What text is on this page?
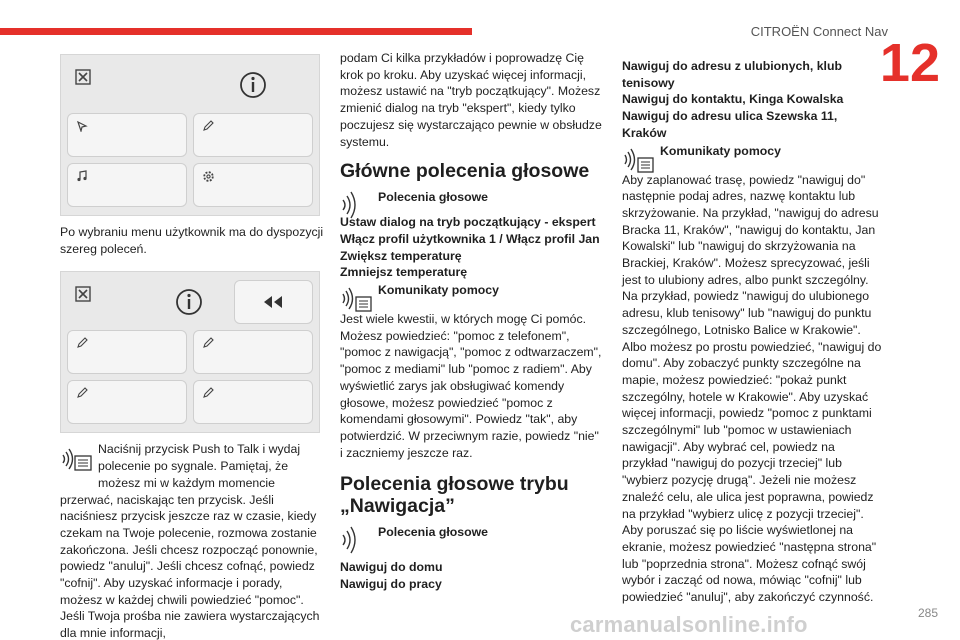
CITROËN Connect Nav
12

Po wybraniu menu użytkownik ma do dyspozycji szereg poleceń.

Naciśnij przycisk Push to Talk i wydaj polecenie po sygnale. Pamiętaj, że możesz mi w każdym momencie przerwać, naciskając ten przycisk. Jeśli naciśniesz przycisk jeszcze raz w czasie, kiedy czekam na Twoje polecenie, rozmowa zostanie zakończona. Jeśli chcesz rozpocząć ponownie, powiedz "anuluj". Jeśli chcesz cofnąć, powiedz "cofnij". Aby uzyskać informacje i porady, możesz w każdej chwili powiedzieć "pomoc". Jeśli Twoja prośba nie zawiera wystarczających dla mnie informacji,

podam Ci kilka przykładów i poprowadzę Cię krok po kroku. Aby uzyskać więcej informacji, możesz ustawić na "tryb początkujący". Możesz zmienić dialog na tryb "ekspert", kiedy tylko poczujesz się wystarczająco pewnie w obsłudze systemu.

Główne polecenia głosowe
Polecenia głosowe
Ustaw dialog na tryb początkujący - ekspert
Włącz profil użytkownika 1 / Włącz profil Jan
Zwiększ temperaturę
Zmniejsz temperaturę
Komunikaty pomocy

Jest wiele kwestii, w których mogę Ci pomóc. Możesz powiedzieć: "pomoc z telefonem", "pomoc z nawigacją", "pomoc z odtwarzaczem", "pomoc z mediami" lub "pomoc z radiem". Aby wyświetlić zarys jak obsługiwać komendy głosowe, możesz powiedzieć "pomoc z komendami głosowymi". Powiedz "tak", aby potwierdzić. W przeciwnym razie, powiedz "nie" i zaczniemy jeszcze raz.

Polecenia głosowe trybu „Nawigacja”
Polecenia głosowe
Nawiguj do domu
Nawiguj do pracy
Nawiguj do adresu z ulubionych, klub tenisowy
Nawiguj do kontaktu, Kinga Kowalska
Nawiguj do adresu ulica Szewska 11, Kraków
Komunikaty pomocy

Aby zaplanować trasę, powiedz "nawiguj do" następnie podaj adres, nazwę kontaktu lub skrzyżowanie. Na przykład, "nawiguj do adresu Bracka 11, Kraków", "nawiguj do kontaktu, Jan Kowalski" lub "nawiguj do skrzyżowania na Brackiej, Kraków". Możesz sprecyzować, jeśli jest to ulubiony adres, albo punkt szczególny. Na przykład, powiedz "nawiguj do ulubionego adresu, klub tenisowy" lub "nawiguj do punktu szczególnego, Lotnisko Balice w Krakowie". Albo możesz po prostu powiedzieć, "nawiguj do domu". Aby zobaczyć punkty szczególne na mapie, możesz powiedzieć: "pokaż punkt szczególny, hotele w Krakowie". Aby uzyskać więcej informacji, powiedz "pomoc z punktami szczególnymi" lub "pomoc w ustawieniach nawigacji". Aby wybrać cel, powiedz na przykład "nawiguj do pozycji trzeciej" lub "wybierz pozycję drugą". Jeżeli nie możesz znaleźć celu, ale ulica jest poprawna, powiedz na przykład "wybierz ulicę z pozycji trzeciej". Aby poruszać się po liście wyświetlonej na ekranie, możesz powiedzieć "następna strona" lub "poprzednia strona". Możesz cofnąć swój wybór i zacząć od nowa, mówiąc "cofnij" lub powiedzieć "anuluj", aby zakończyć czynność.

carmanualsonline.info	285
